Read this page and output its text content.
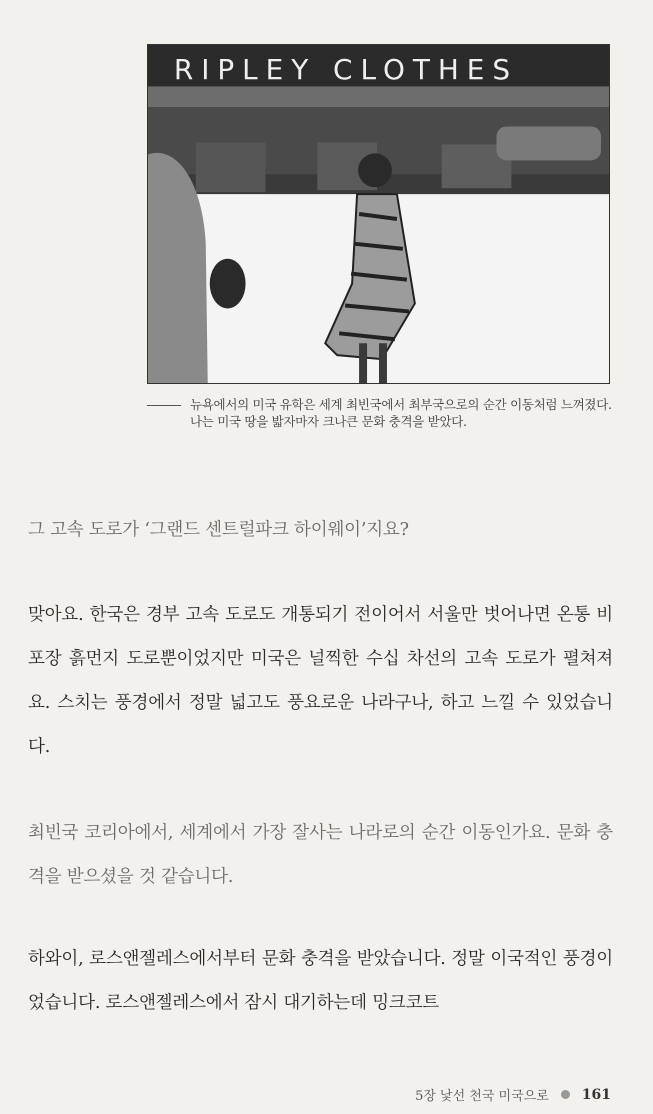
RIPLEY CLOTHES
뉴욕에서의 미국 유학은 세계 최빈국에서 최부국으로의 순간 이동처럼 느껴졌다. 나는 미국 땅을 밟자마자 크나큰 문화 충격을 받았다.
그 고속 도로가 ‘그랜드 센트럴파크 하이웨이’지요?
맞아요. 한국은 경부 고속 도로도 개통되기 전이어서 서울만 벗어나면 온통 비포장 흙먼지 도로뿐이었지만 미국은 널찍한 수십 차선의 고속 도로가 펼쳐져요. 스치는 풍경에서 정말 넓고도 풍요로운 나라구나, 하고 느낄 수 있었습니다.
최빈국 코리아에서, 세계에서 가장 잘사는 나라로의 순간 이동인가요. 문화 충격을 받으셨을 것 같습니다.
하와이, 로스앤젤레스에서부터 문화 충격을 받았습니다. 정말 이국적인 풍경이었습니다. 로스앤젤레스에서 잠시 대기하는데 밍크코트
5장 낯선 천국 미국으로 161
